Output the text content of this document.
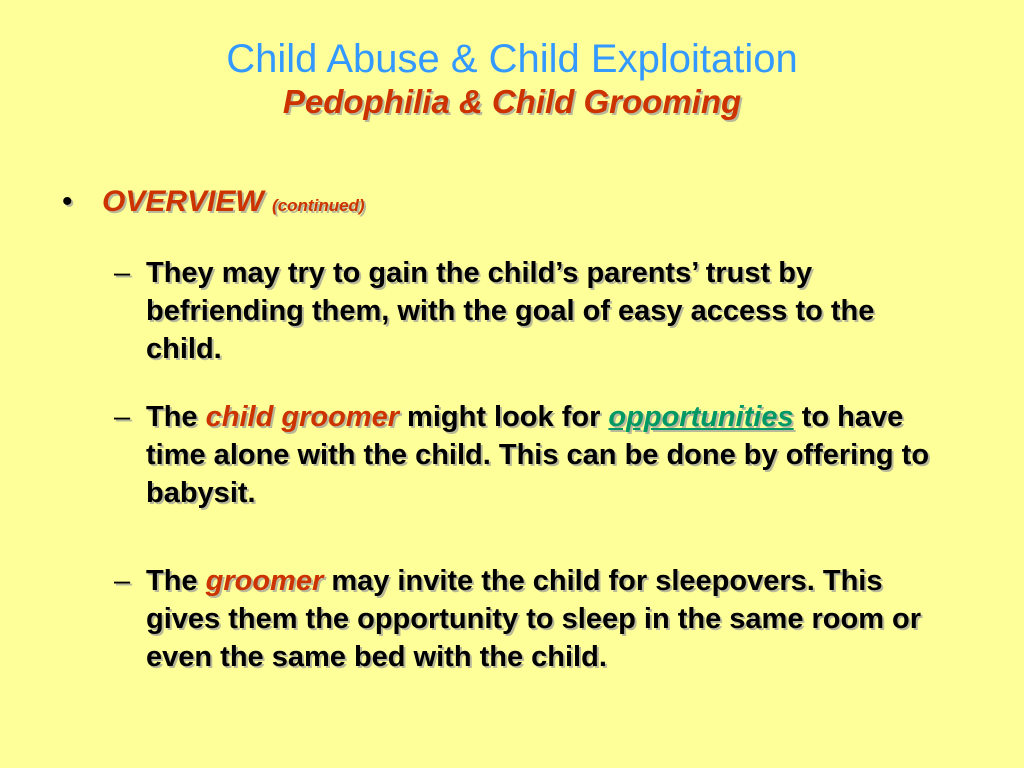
Child Abuse & Child Exploitation
Pedophilia & Child Grooming
• OVERVIEW (continued)
– They may try to gain the child’s parents’ trust by befriending them, with the goal of easy access to the child.
– The child groomer might look for opportunities to have time alone with the child. This can be done by offering to babysit.
– The groomer may invite the child for sleepovers. This gives them the opportunity to sleep in the same room or even the same bed with the child.
